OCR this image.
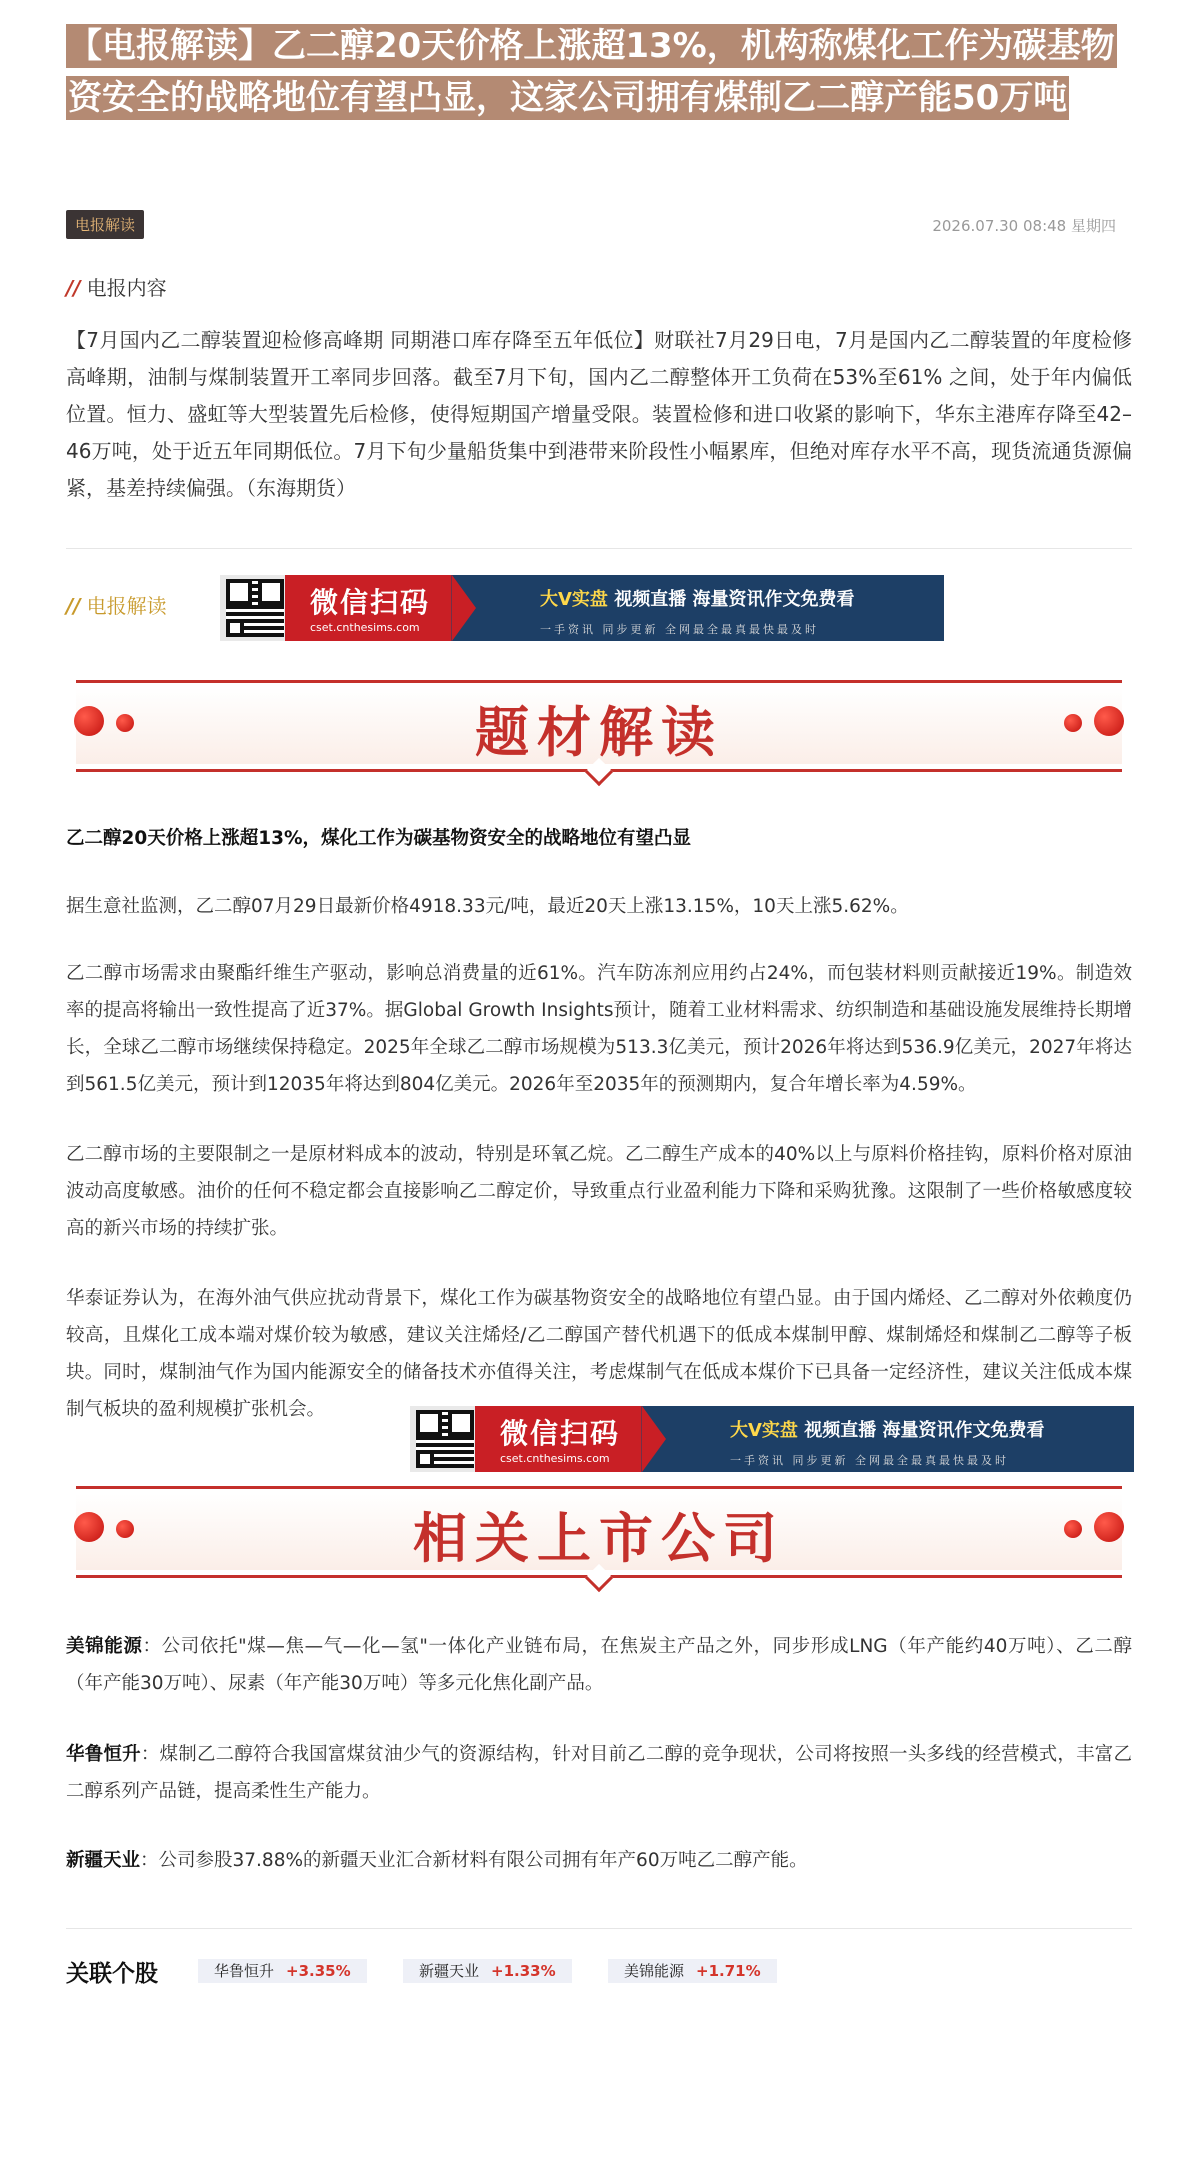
【电报解读】乙二醇20天价格上涨超13%，机构称煤化工作为碳基物资安全的战略地位有望凸显，这家公司拥有煤制乙二醇产能50万吨
电报解读	2026.07.30 08:48 星期四
// 电报内容

【7月国内乙二醇装置迎检修高峰期 同期港口库存降至五年低位】财联社7月29日电，7月是国内乙二醇装置的年度检修高峰期，油制与煤制装置开工率同步回落。截至7月下旬，国内乙二醇整体开工负荷在53%至61% 之间，处于年内偏低位置。恒力、盛虹等大型装置先后检修，使得短期国产增量受限。装置检修和进口收紧的影响下，华东主港库存降至42–46万吨，处于近五年同期低位。7月下旬少量船货集中到港带来阶段性小幅累库，但绝对库存水平不高，现货流通货源偏紧，基差持续偏强。（东海期货）

// 电报解读	微信扫码
cset.cnthesims.com
大V实盘 视频直播 海量资讯作文免费看
一手资讯 同步更新 全网最全最真最快最及时
题材解读

乙二醇20天价格上涨超13%，煤化工作为碳基物资安全的战略地位有望凸显

据生意社监测，乙二醇07月29日最新价格4918.33元/吨，最近20天上涨13.15%，10天上涨5.62%。

乙二醇市场需求由聚酯纤维生产驱动，影响总消费量的近61%。汽车防冻剂应用约占24%，而包装材料则贡献接近19%。制造效率的提高将输出一致性提高了近37%。据Global Growth Insights预计，随着工业材料需求、纺织制造和基础设施发展维持长期增长，全球乙二醇市场继续保持稳定。2025年全球乙二醇市场规模为513.3亿美元，预计2026年将达到536.9亿美元，2027年将达到561.5亿美元，预计到12035年将达到804亿美元。2026年至2035年的预测期内，复合年增长率为4.59%。

乙二醇市场的主要限制之一是原材料成本的波动，特别是环氧乙烷。乙二醇生产成本的40%以上与原料价格挂钩，原料价格对原油波动高度敏感。油价的任何不稳定都会直接影响乙二醇定价，导致重点行业盈利能力下降和采购犹豫。这限制了一些价格敏感度较高的新兴市场的持续扩张。

华泰证券认为，在海外油气供应扰动背景下，煤化工作为碳基物资安全的战略地位有望凸显。由于国内烯烃、乙二醇对外依赖度仍较高，且煤化工成本端对煤价较为敏感，建议关注烯烃/乙二醇国产替代机遇下的低成本煤制甲醇、煤制烯烃和煤制乙二醇等子板块。同时，煤制油气作为国内能源安全的储备技术亦值得关注，考虑煤制气在低成本煤价下已具备一定经济性，建议关注低成本煤制气板块的盈利规模扩张机会。

微信扫码
cset.cnthesims.com
大V实盘 视频直播 海量资讯作文免费看
一手资讯 同步更新 全网最全最真最快最及时
相关上市公司

美锦能源：公司依托"煤—焦—气—化—氢"一体化产业链布局，在焦炭主产品之外，同步形成LNG（年产能约40万吨）、乙二醇（年产能30万吨）、尿素（年产能30万吨）等多元化焦化副产品。

华鲁恒升：煤制乙二醇符合我国富煤贫油少气的资源结构，针对目前乙二醇的竞争现状，公司将按照一头多线的经营模式，丰富乙二醇系列产品链，提高柔性生产能力。

新疆天业：公司参股37.88%的新疆天业汇合新材料有限公司拥有年产60万吨乙二醇产能。

关联个股	华鲁恒升 +3.35%	新疆天业 +1.33%	美锦能源 +1.71%
